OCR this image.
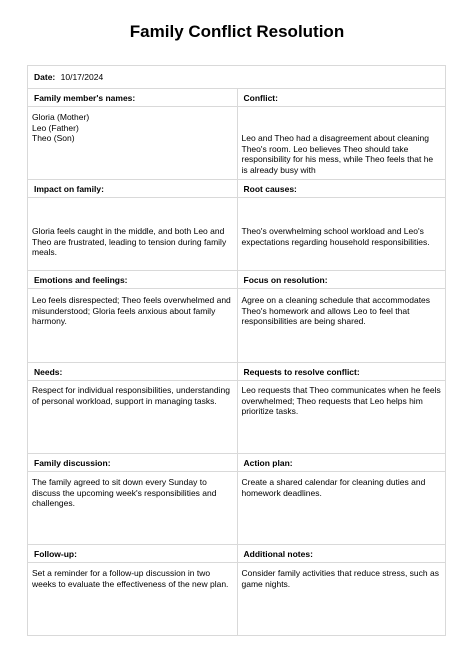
Family Conflict Resolution
Date: 10/17/2024
Family member's names:
Gloria (Mother)
Leo (Father)
Theo (Son)
Conflict:
Leo and Theo had a disagreement about cleaning Theo's room. Leo believes Theo should take responsibility for his mess, while Theo feels that he is already busy with
Impact on family:
Gloria feels caught in the middle, and both Leo and Theo are frustrated, leading to tension during family meals.
Root causes:
Theo's overwhelming school workload and Leo's expectations regarding household responsibilities.
Emotions and feelings:
Leo feels disrespected; Theo feels overwhelmed and misunderstood; Gloria feels anxious about family harmony.
Focus on resolution:
Agree on a cleaning schedule that accommodates Theo's homework and allows Leo to feel that responsibilities are being shared.
Needs:
Respect for individual responsibilities, understanding of personal workload, support in managing tasks.
Requests to resolve conflict:
Leo requests that Theo communicates when he feels overwhelmed; Theo requests that Leo helps him prioritize tasks.
Family discussion:
The family agreed to sit down every Sunday to discuss the upcoming week's responsibilities and challenges.
Action plan:
Create a shared calendar for cleaning duties and homework deadlines.
Follow-up:
Set a reminder for a follow-up discussion in two weeks to evaluate the effectiveness of the new plan.
Additional notes:
Consider family activities that reduce stress, such as game nights.
